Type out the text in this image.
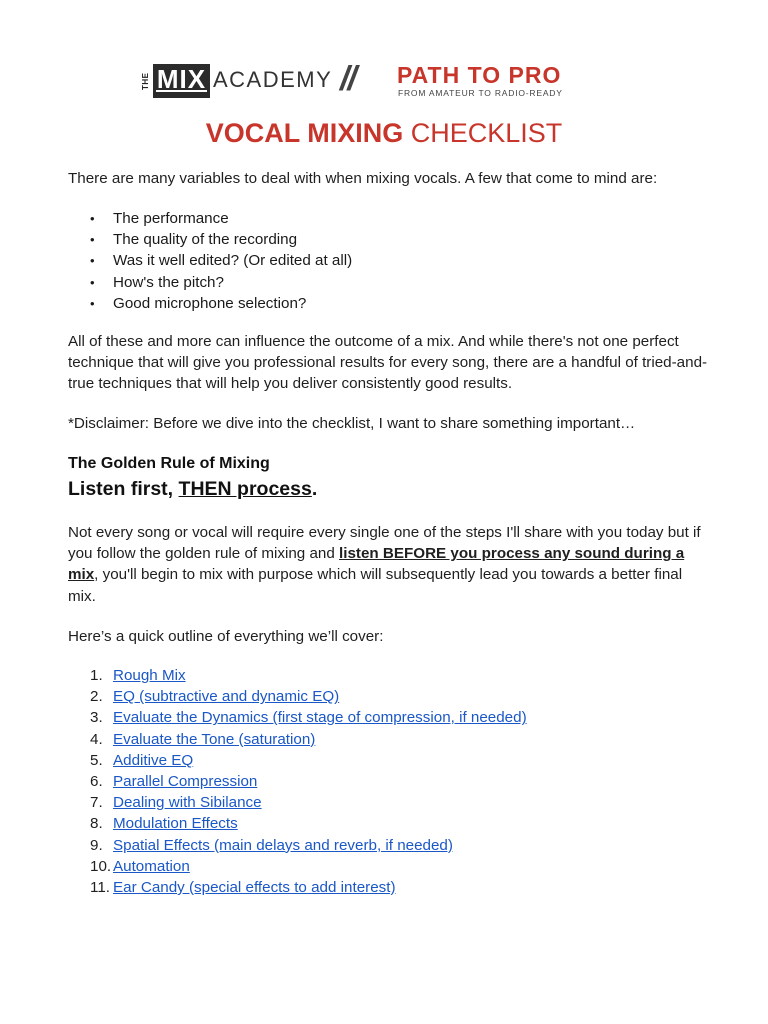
THE MIX ACADEMY // PATH TO PRO
FROM AMATEUR TO RADIO-READY
VOCAL MIXING CHECKLIST

There are many variables to deal with when mixing vocals. A few that come to mind are:

• The performance
• The quality of the recording
• Was it well edited? (Or edited at all)
• How's the pitch?
• Good microphone selection?

All of these and more can influence the outcome of a mix. And while there's not one perfect technique that will give you professional results for every song, there are a handful of tried-and-true techniques that will help you deliver consistently good results.

*Disclaimer: Before we dive into the checklist, I want to share something important…

The Golden Rule of Mixing
Listen first, THEN process.

Not every song or vocal will require every single one of the steps I'll share with you today but if you follow the golden rule of mixing and listen BEFORE you process any sound during a mix, you'll begin to mix with purpose which will subsequently lead you towards a better final mix.

Here’s a quick outline of everything we’ll cover:

1. Rough Mix
2. EQ (subtractive and dynamic EQ)
3. Evaluate the Dynamics (first stage of compression, if needed)
4. Evaluate the Tone (saturation)
5. Additive EQ
6. Parallel Compression
7. Dealing with Sibilance
8. Modulation Effects
9. Spatial Effects (main delays and reverb, if needed)
10. Automation
11. Ear Candy (special effects to add interest)
